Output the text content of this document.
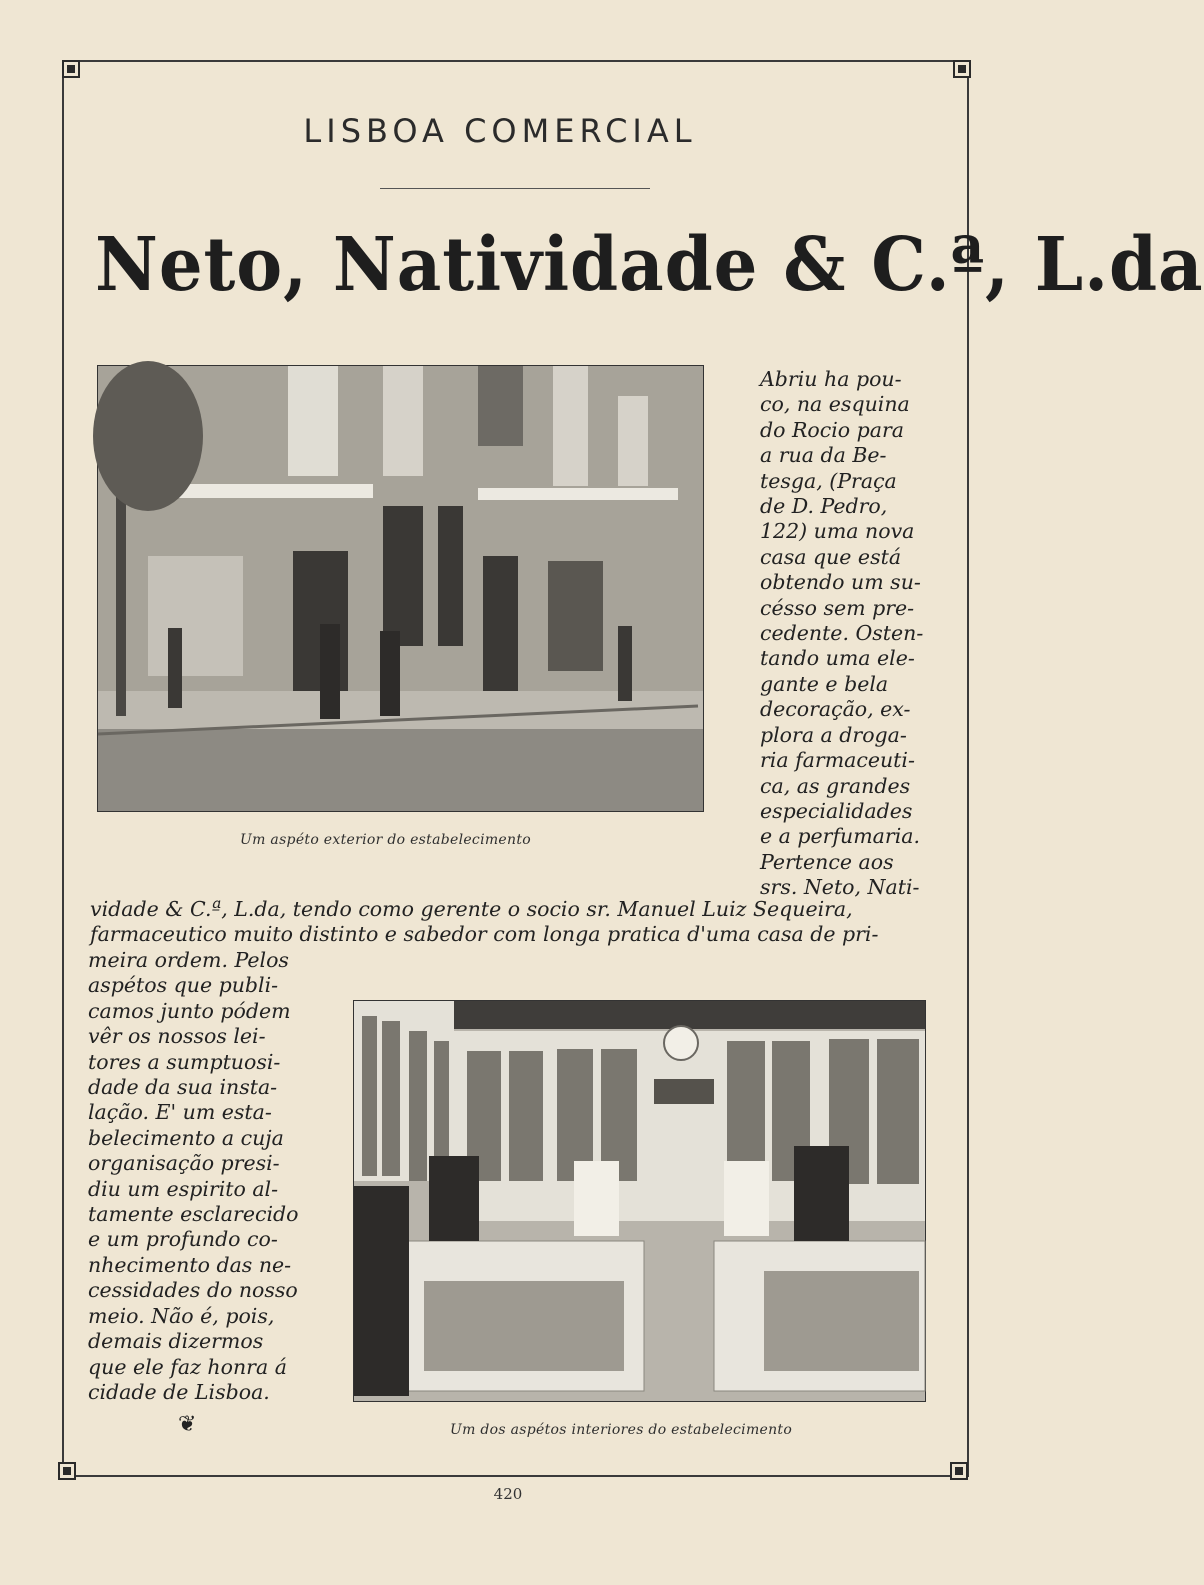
LISBOA COMERCIAL
Neto, Natividade & C.ª, L.da

Um aspéto exterior do estabelecimento

Um dos aspétos interiores do estabelecimento

Abriu ha pou-
co, na esquina
do Rocio para
a rua da Be-
tesga, (Praça
de D. Pedro,
122) uma nova
casa que está
obtendo um su-
césso sem pre-
cedente. Osten-
tando uma ele-
gante e bela
decoração, ex-
plora a droga-
ria farmaceuti-
ca, as grandes
especialidades
e a perfumaria.
Pertence aos
srs. Neto, Nati-

vidade & C.ª, L.da, tendo como gerente o socio sr. Manuel Luiz Sequeira,
farmaceutico muito distinto e sabedor com longa pratica d'uma casa de pri-

meira ordem. Pelos
aspétos que publi-
camos junto pódem
vêr os nossos lei-
tores a sumptuosi-
dade da sua insta-
lação. E' um esta-
belecimento a cuja
organisação presi-
diu um espirito al-
tamente esclarecido
e um profundo co-
nhecimento das ne-
cessidades do nosso
meio. Não é, pois,
demais dizermos
que ele faz honra á
cidade de Lisboa.

❦
420
